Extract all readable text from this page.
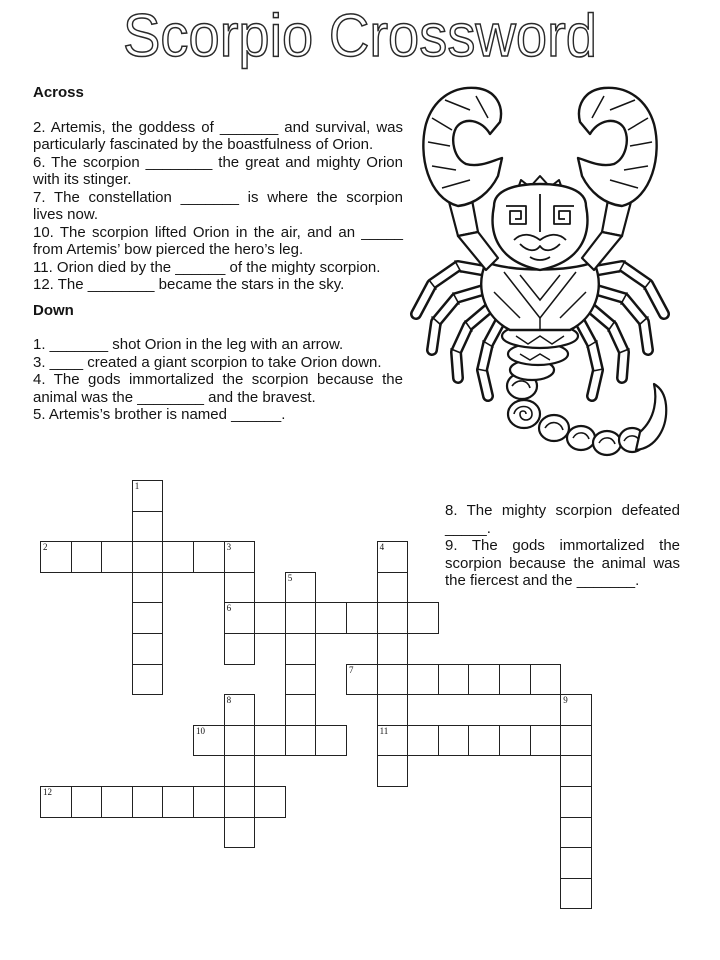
Scorpio Crossword
Across

2. Artemis, the goddess of _______ and survival, was particularly fascinated by the boastfulness of Orion.

6. The scorpion ________ the great and mighty Orion with its stinger.

7. The constellation _______ is where the scorpion lives now.

10. The scorpion lifted Orion in the air, and an _____ from Artemis’ bow pierced the hero’s leg.

11. Orion died by the ______ of the mighty scorpion.

12. The ________ became the stars in the sky.

Down

1. _______ shot Orion in the leg with an arrow.

3. ____ created a giant scorpion to take Orion down.

4. The gods immortalized the scorpion because the animal was the ________ and the bravest.

5. Artemis’s brother is named ______.

8. The mighty scorpion defeated _____.

9. The gods immortalized the scorpion because the animal was the fiercest and the _______.

2	3
6
7
10	11
12
1
4
5
8	9
